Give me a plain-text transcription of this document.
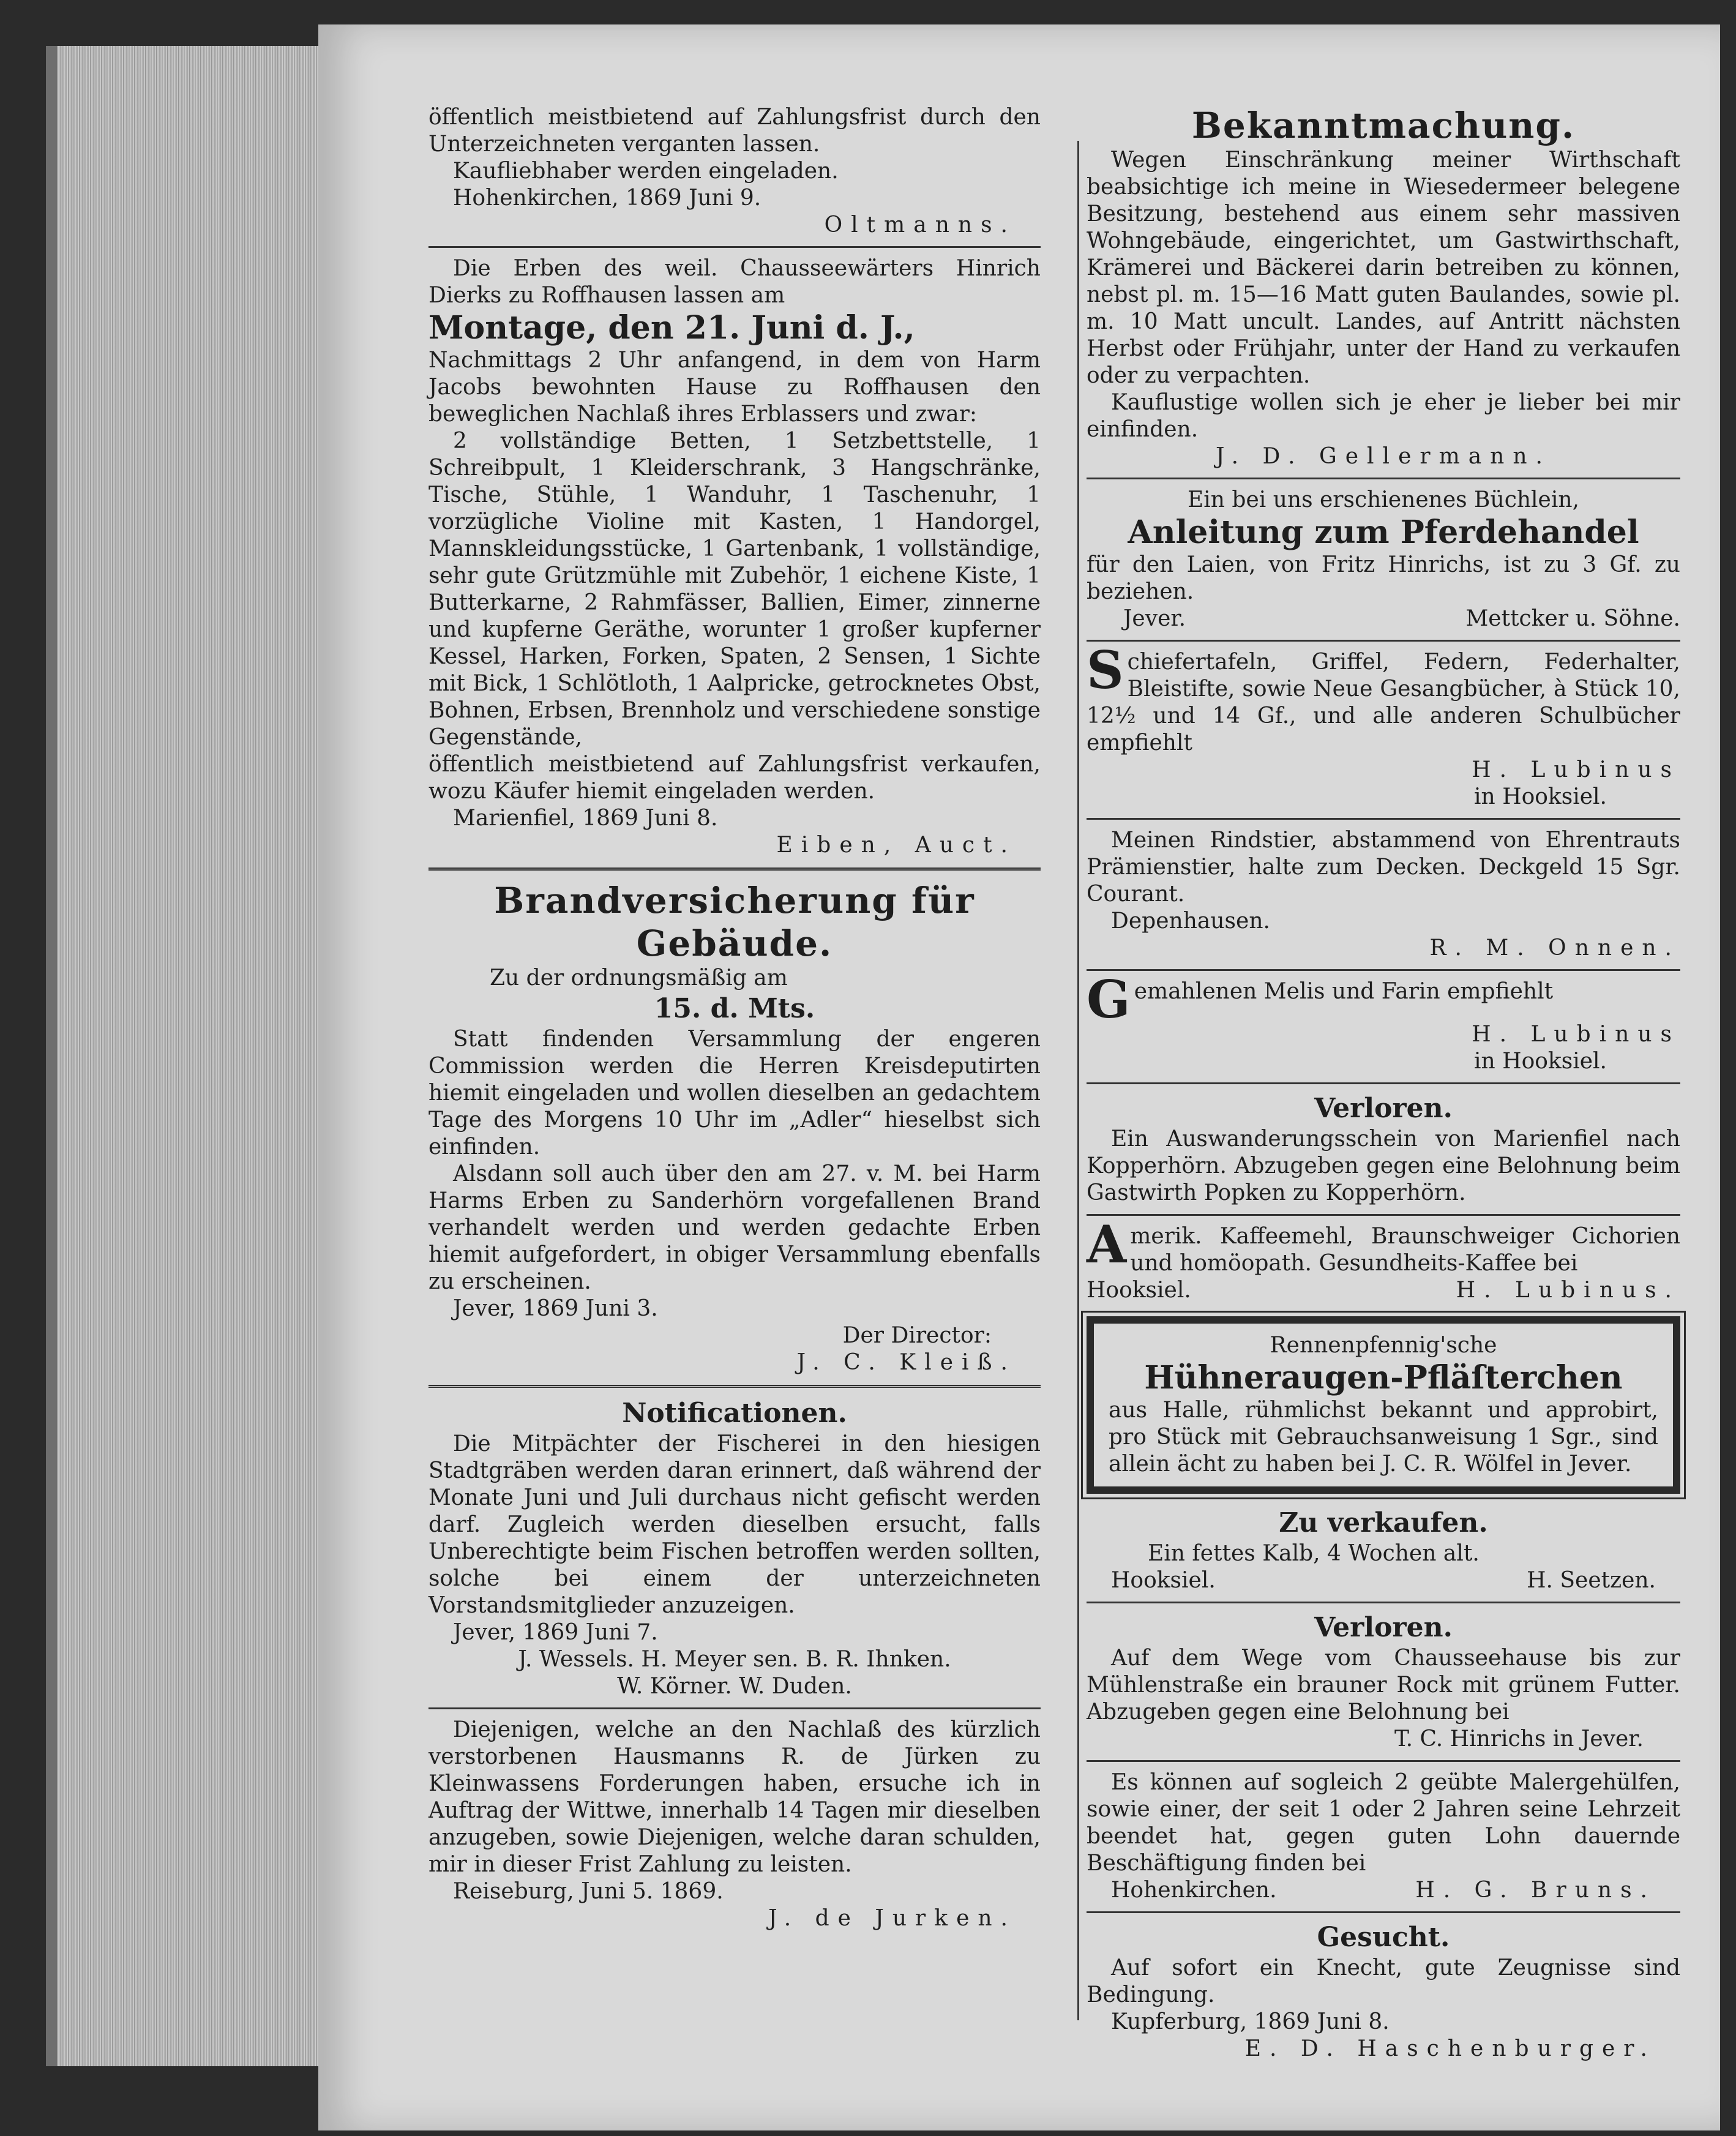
öffentlich meistbietend auf Zahlungsfrist durch den Unterzeichneten verganten lassen.

Kaufliebhaber werden eingeladen.

Hohenkirchen, 1869 Juni 9.

Oltmanns.

Die Erben des weil. Chausseewärters Hinrich Dierks zu Roffhausen lassen am

Montage, den 21. Juni d. J.,

Nachmittags 2 Uhr anfangend, in dem von Harm Jacobs bewohnten Hause zu Roffhausen den beweglichen Nachlaß ihres Erblassers und zwar:

2 vollständige Betten, 1 Setzbettstelle, 1 Schreibpult, 1 Kleiderschrank, 3 Hangschränke, Tische, Stühle, 1 Wanduhr, 1 Taschenuhr, 1 vorzügliche Violine mit Kasten, 1 Handorgel, Mannskleidungsstücke, 1 Gartenbank, 1 vollständige, sehr gute Grützmühle mit Zubehör, 1 eichene Kiste, 1 Butterkarne, 2 Rahmfässer, Ballien, Eimer, zinnerne und kupferne Geräthe, worunter 1 großer kupferner Kessel, Harken, Forken, Spaten, 2 Sensen, 1 Sichte mit Bick, 1 Schlötloth, 1 Aalpricke, getrocknetes Obst, Bohnen, Erbsen, Brennholz und verschiedene sonstige Gegenstände,

öffentlich meistbietend auf Zahlungsfrist verkaufen, wozu Käufer hiemit eingeladen werden.

Marienfiel, 1869 Juni 8.

Eiben, Auct.

Brandversicherung für Gebäude.

Zu der ordnungsmäßig am

15. d. Mts.

Statt findenden Versammlung der engeren Commission werden die Herren Kreisdeputirten hiemit eingeladen und wollen dieselben an gedachtem Tage des Morgens 10 Uhr im „Adler“ hieselbst sich einfinden.

Alsdann soll auch über den am 27. v. M. bei Harm Harms Erben zu Sanderhörn vorgefallenen Brand verhandelt werden und werden gedachte Erben hiemit aufgefordert, in obiger Versammlung ebenfalls zu erscheinen.

Jever, 1869 Juni 3.

Der Director:

J. C. Kleiß.

Notificationen.

Die Mitpächter der Fischerei in den hiesigen Stadtgräben werden daran erinnert, daß während der Monate Juni und Juli durchaus nicht gefischt werden darf. Zugleich werden dieselben ersucht, falls Unberechtigte beim Fischen betroffen werden sollten, solche bei einem der unterzeichneten Vorstandsmitglieder anzuzeigen.

Jever, 1869 Juni 7.

J. Wessels. H. Meyer sen. B. R. Ihnken.

W. Körner. W. Duden.

Diejenigen, welche an den Nachlaß des kürzlich verstorbenen Hausmanns R. de Jürken zu Kleinwassens Forderungen haben, ersuche ich in Auftrag der Wittwe, innerhalb 14 Tagen mir dieselben anzugeben, sowie Diejenigen, welche daran schulden, mir in dieser Frist Zahlung zu leisten.

Reiseburg, Juni 5. 1869.

J. de Jurken.

Bekanntmachung.

Wegen Einschränkung meiner Wirthschaft beabsichtige ich meine in Wiesedermeer belegene Besitzung, bestehend aus einem sehr massiven Wohngebäude, eingerichtet, um Gastwirthschaft, Krämerei und Bäckerei darin betreiben zu können, nebst pl. m. 15—16 Matt guten Baulandes, sowie pl. m. 10 Matt uncult. Landes, auf Antritt nächsten Herbst oder Frühjahr, unter der Hand zu verkaufen oder zu verpachten.

Kauflustige wollen sich je eher je lieber bei mir einfinden.

J. D. Gellermann.

Ein bei uns erschienenes Büchlein,

Anleitung zum Pferdehandel

für den Laien, von Fritz Hinrichs, ist zu 3 Gf. zu beziehen.

Jever.	Mettcker u. Söhne.
S chiefertafeln, Griffel, Federn, Federhalter, Bleistifte, sowie Neue Gesangbücher, à Stück 10, 12½ und 14 Gf., und alle anderen Schulbücher empfiehlt

H. Lubinus

in Hooksiel.

Meinen Rindstier, abstammend von Ehrentrauts Prämienstier, halte zum Decken. Deckgeld 15 Sgr. Courant.

Depenhausen.

R. M. Onnen.

G emahlenen Melis und Farin empfiehlt

H. Lubinus

in Hooksiel.

Verloren.

Ein Auswanderungsschein von Marienfiel nach Kopperhörn. Abzugeben gegen eine Belohnung beim Gastwirth Popken zu Kopperhörn.

A merik. Kaffeemehl, Braunschweiger Cichorien und homöopath. Gesundheits-Kaffee bei

Hooksiel.	H. Lubinus.

Rennenpfennig'sche

Hühneraugen-Pfläſterchen

aus Halle, rühmlichst bekannt und approbirt, pro Stück mit Gebrauchsanweisung 1 Sgr., sind allein ächt zu haben bei J. C. R. Wölfel in Jever.

Zu verkaufen.

Ein fettes Kalb, 4 Wochen alt.

Hooksiel.	H. Seetzen.

Verloren.

Auf dem Wege vom Chausseehause bis zur Mühlenstraße ein brauner Rock mit grünem Futter. Abzugeben gegen eine Belohnung bei

T. C. Hinrichs in Jever.

Es können auf sogleich 2 geübte Malergehülfen, sowie einer, der seit 1 oder 2 Jahren seine Lehrzeit beendet hat, gegen guten Lohn dauernde Beschäftigung finden bei

Hohenkirchen.	H. G. Bruns.

Gesucht.

Auf sofort ein Knecht, gute Zeugnisse sind Bedingung.

Kupferburg, 1869 Juni 8.

E. D. Haschenburger.
